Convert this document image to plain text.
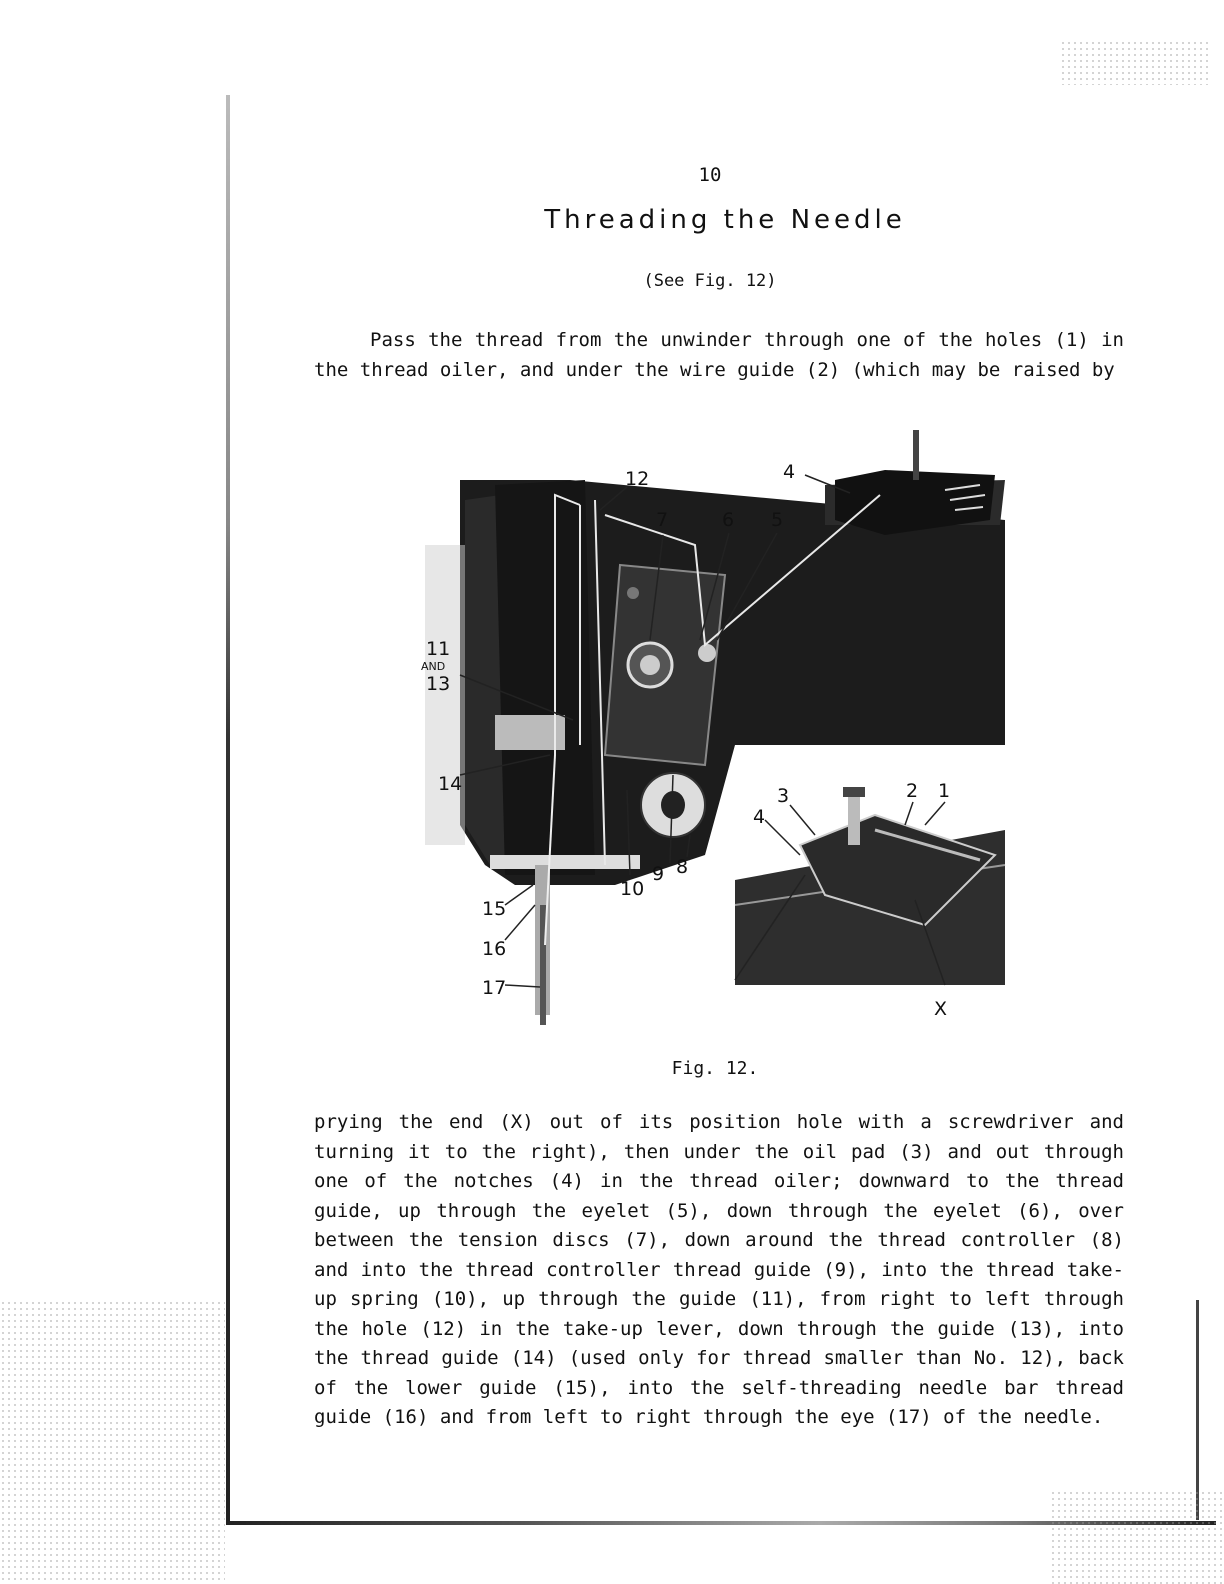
10
Threading the Needle
(See Fig. 12)
Pass the thread from the unwinder through one of the holes (1) in the thread oiler, and under the wire guide (2) (which may be raised by
12	4
7	6 5
11
AND
13
14
9 8
10
15
16
17
3
4
2 1
X
Fig. 12.
prying the end (X) out of its position hole with a screwdriver and turning it to the right), then under the oil pad (3) and out through one of the notches (4) in the thread oiler; downward to the thread guide, up through the eyelet (5), down through the eyelet (6), over between the tension discs (7), down around the thread controller (8) and into the thread controller thread guide (9), into the thread take-up spring (10), up through the guide (11), from right to left through the hole (12) in the take-up lever, down through the guide (13), into the thread guide (14) (used only for thread smaller than No. 12), back of the lower guide (15), into the self-threading needle bar thread guide (16) and from left to right through the eye (17) of the needle.
